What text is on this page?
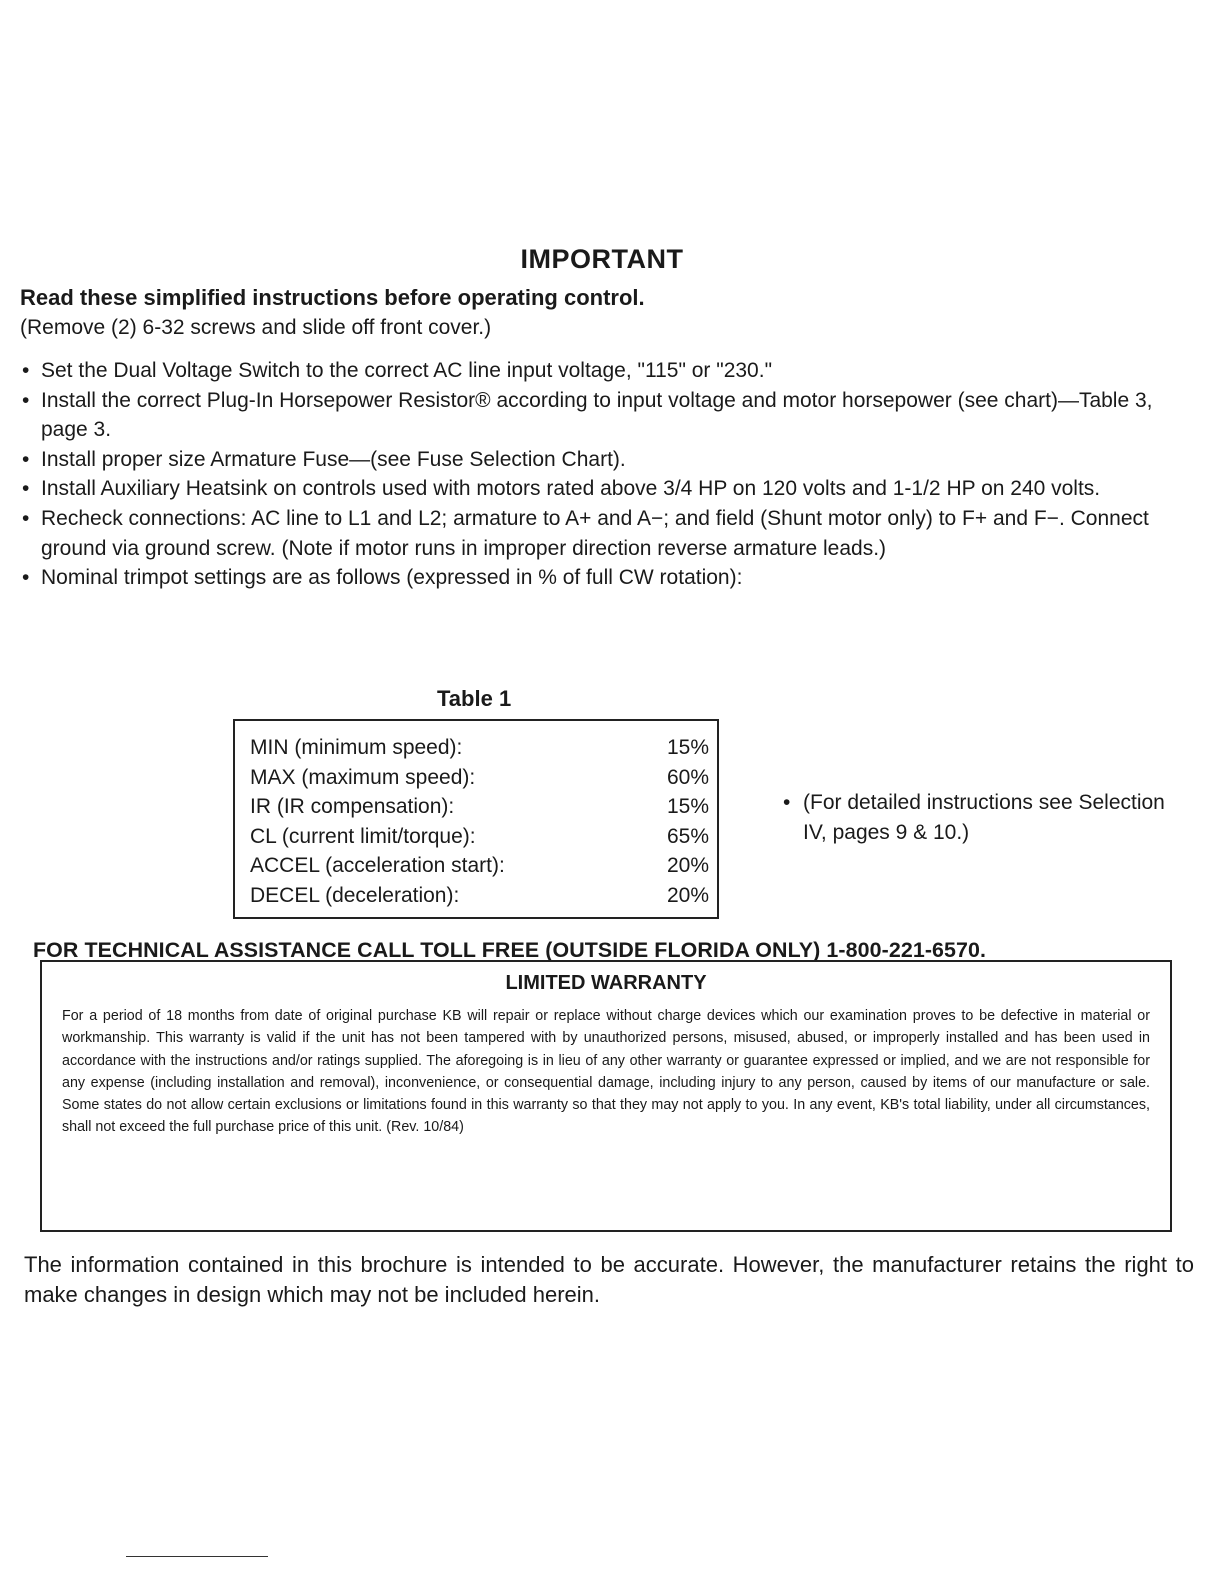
IMPORTANT
Read these simplified instructions before operating control.
(Remove (2) 6-32 screws and slide off front cover.)
• Set the Dual Voltage Switch to the correct AC line input voltage, "115" or "230."
• Install the correct Plug-In Horsepower Resistor® according to input voltage and motor horsepower (see chart)—Table 3, page 3.
• Install proper size Armature Fuse—(see Fuse Selection Chart).
• Install Auxiliary Heatsink on controls used with motors rated above 3/4 HP on 120 volts and 1-1/2 HP on 240 volts.
• Recheck connections: AC line to L1 and L2; armature to A+ and A−; and field (Shunt motor only) to F+ and F−. Connect ground via ground screw. (Note if motor runs in improper direction reverse armature leads.)
• Nominal trimpot settings are as follows (expressed in % of full CW rotation):
Table 1
MIN (minimum speed):	15%
MAX (maximum speed):	60%
IR (IR compensation):	15%
CL (current limit/torque):	65%
ACCEL (acceleration start):	20%
DECEL (deceleration):	20%
• (For detailed instructions see Selection IV, pages 9 & 10.)
FOR TECHNICAL ASSISTANCE CALL TOLL FREE (OUTSIDE FLORIDA ONLY) 1-800-221-6570.
LIMITED WARRANTY

For a period of 18 months from date of original purchase KB will repair or replace without charge devices which our examination proves to be defective in material or workmanship. This warranty is valid if the unit has not been tampered with by unauthorized persons, misused, abused, or improperly installed and has been used in accordance with the instructions and/or ratings supplied. The aforegoing is in lieu of any other warranty or guarantee expressed or implied, and we are not responsible for any expense (including installation and removal), inconvenience, or consequential damage, including injury to any person, caused by items of our manufacture or sale. Some states do not allow certain exclusions or limitations found in this warranty so that they may not apply to you. In any event, KB's total liability, under all circumstances, shall not exceed the full purchase price of this unit. (Rev. 10/84)

The information contained in this brochure is intended to be accurate. However, the manufacturer retains the right to make changes in design which may not be included herein.
